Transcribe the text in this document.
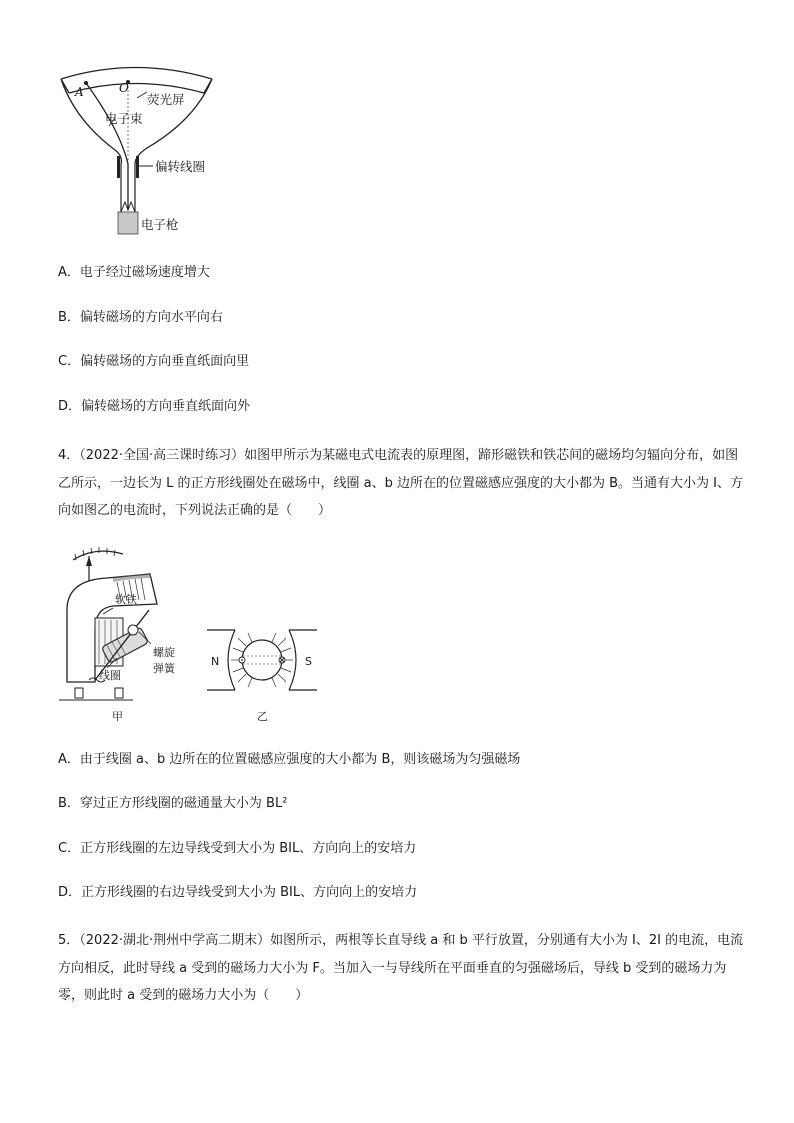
A	O
荧光屏
电子束
偏转线圈
电子枪
A．电子经过磁场速度增大
B．偏转磁场的方向水平向右
C．偏转磁场的方向垂直纸面向里
D．偏转磁场的方向垂直纸面向外
4．（2022·全国·高三课时练习）如图甲所示为某磁电式电流表的原理图，蹄形磁铁和铁芯间的磁场均匀辐向分布，如图乙所示，一边长为 L 的正方形线圈处在磁场中，线圈 a、b 边所在的位置磁感应强度的大小都为 B。当通有大小为 I、方向如图乙的电流时，下列说法正确的是（　　）
软铁
螺旋
弹簧
线圈
甲
N	S
乙
A．由于线圈 a、b 边所在的位置磁感应强度的大小都为 B，则该磁场为匀强磁场
B．穿过正方形线圈的磁通量大小为 BL²
C．正方形线圈的左边导线受到大小为 BIL、方向向上的安培力
D．正方形线圈的右边导线受到大小为 BIL、方向向上的安培力
5．（2022·湖北·荆州中学高二期末）如图所示，两根等长直导线 a 和 b 平行放置，分别通有大小为 I、2I 的电流，电流方向相反，此时导线 a 受到的磁场力大小为 F。当加入一与导线所在平面垂直的匀强磁场后，导线 b 受到的磁场力为零，则此时 a 受到的磁场力大小为（　　）
